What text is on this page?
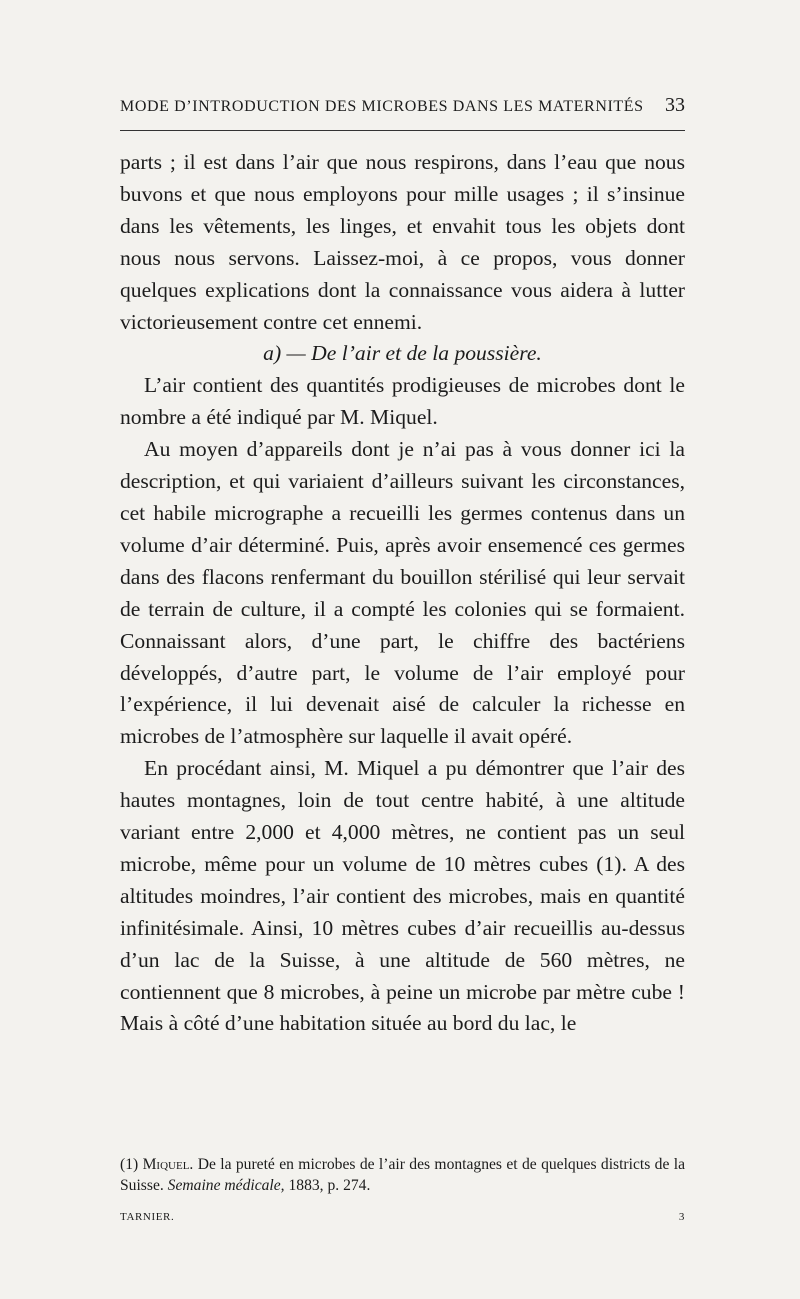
MODE D’INTRODUCTION DES MICROBES DANS LES MATERNITÉS 33

parts ; il est dans l’air que nous respirons, dans l’eau que nous buvons et que nous employons pour mille usages ; il s’insinue dans les vêtements, les linges, et envahit tous les objets dont nous nous servons. Laissez-moi, à ce propos, vous donner quelques explications dont la connaissance vous aidera à lutter victorieusement contre cet ennemi.

a) — De l’air et de la poussière.

L’air contient des quantités prodigieuses de microbes dont le nombre a été indiqué par M. Miquel.

Au moyen d’appareils dont je n’ai pas à vous donner ici la description, et qui variaient d’ailleurs suivant les circonstances, cet habile micrographe a recueilli les germes contenus dans un volume d’air déterminé. Puis, après avoir ensemencé ces germes dans des flacons renfermant du bouillon stérilisé qui leur servait de terrain de culture, il a compté les colonies qui se formaient. Connaissant alors, d’une part, le chiffre des bactériens développés, d’autre part, le volume de l’air employé pour l’expérience, il lui devenait aisé de calculer la richesse en microbes de l’atmosphère sur laquelle il avait opéré.

En procédant ainsi, M. Miquel a pu démontrer que l’air des hautes montagnes, loin de tout centre habité, à une altitude variant entre 2,000 et 4,000 mètres, ne contient pas un seul microbe, même pour un volume de 10 mètres cubes (1). A des altitudes moindres, l’air contient des microbes, mais en quantité infinitésimale. Ainsi, 10 mètres cubes d’air recueillis au-dessus d’un lac de la Suisse, à une altitude de 560 mètres, ne contiennent que 8 microbes, à peine un microbe par mètre cube ! Mais à côté d’une habitation située au bord du lac, le

(1) Miquel. De la pureté en microbes de l’air des montagnes et de quelques districts de la Suisse. Semaine médicale, 1883, p. 274.
TARNIER.	3
